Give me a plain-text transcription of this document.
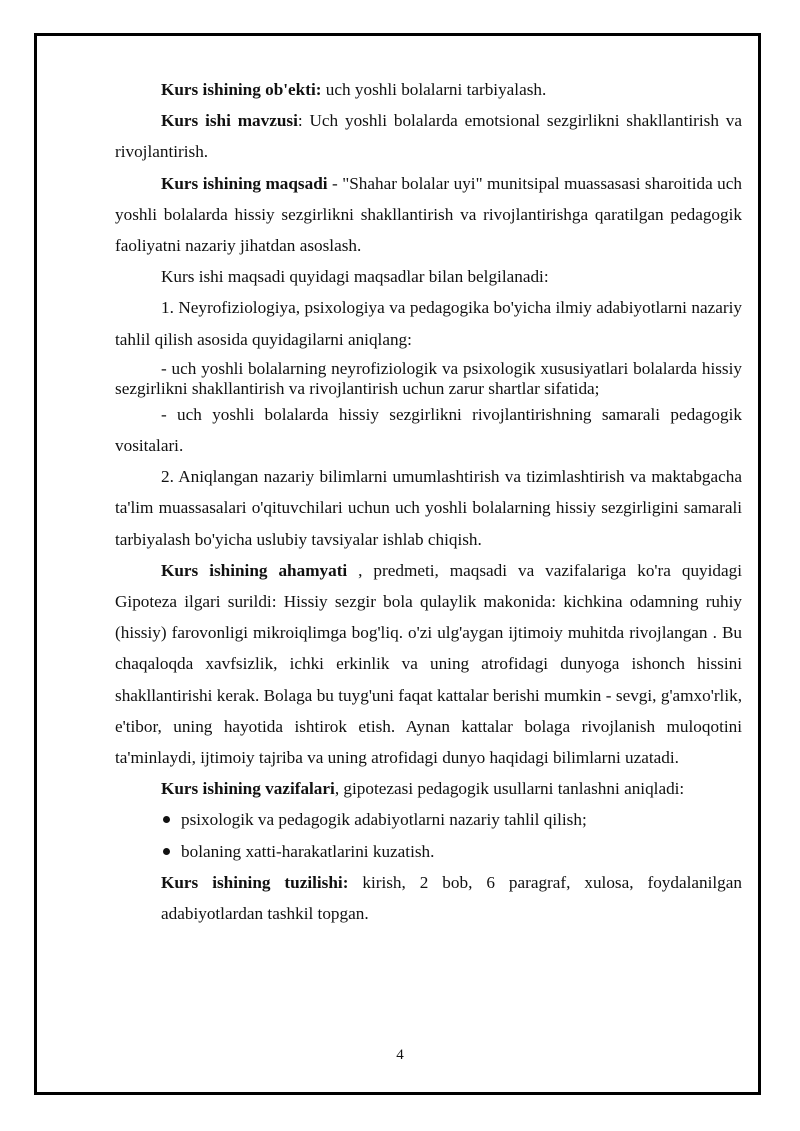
Kurs ishining ob'ekti: uch yoshli bolalarni tarbiyalash.

Kurs ishi mavzusi: Uch yoshli bolalarda emotsional sezgirlikni shakllantirish va rivojlantirish.

Kurs ishining maqsadi - "Shahar bolalar uyi" munitsipal muassasasi sharoitida uch yoshli bolalarda hissiy sezgirlikni shakllantirish va rivojlantirishga qaratilgan pedagogik faoliyatni nazariy jihatdan asoslash.

Kurs ishi maqsadi quyidagi maqsadlar bilan belgilanadi:

1. Neyrofiziologiya, psixologiya va pedagogika bo'yicha ilmiy adabiyotlarni nazariy tahlil qilish asosida quyidagilarni aniqlang:

- uch yoshli bolalarning neyrofiziologik va psixologik xususiyatlari bolalarda hissiy sezgirlikni shakllantirish va rivojlantirish uchun zarur shartlar sifatida;

- uch yoshli bolalarda hissiy sezgirlikni rivojlantirishning samarali pedagogik vositalari.

2. Aniqlangan nazariy bilimlarni umumlashtirish va tizimlashtirish va maktabgacha ta'lim muassasalari o'qituvchilari uchun uch yoshli bolalarning hissiy sezgirligini samarali tarbiyalash bo'yicha uslubiy tavsiyalar ishlab chiqish.

Kurs ishining ahamyati , predmeti, maqsadi va vazifalariga ko'ra quyidagi Gipoteza ilgari surildi: Hissiy sezgir bola qulaylik makonida: kichkina odamning ruhiy (hissiy) farovonligi mikroiqlimga bog'liq. o'zi ulg'aygan ijtimoiy muhitda rivojlangan . Bu chaqaloqda xavfsizlik, ichki erkinlik va uning atrofidagi dunyoga ishonch hissini shakllantirishi kerak. Bolaga bu tuyg'uni faqat kattalar berishi mumkin - sevgi, g'amxo'rlik, e'tibor, uning hayotida ishtirok etish. Aynan kattalar bolaga rivojlanish muloqotini ta'minlaydi, ijtimoiy tajriba va uning atrofidagi dunyo haqidagi bilimlarni uzatadi.

Kurs ishining vazifalari, gipotezasi pedagogik usullarni tanlashni aniqladi:

psixologik va pedagogik adabiyotlarni nazariy tahlil qilish;

bolaning xatti-harakatlarini kuzatish.

Kurs ishining tuzilishi: kirish, 2 bob, 6 paragraf, xulosa, foydalanilgan adabiyotlardan tashkil topgan.

4
